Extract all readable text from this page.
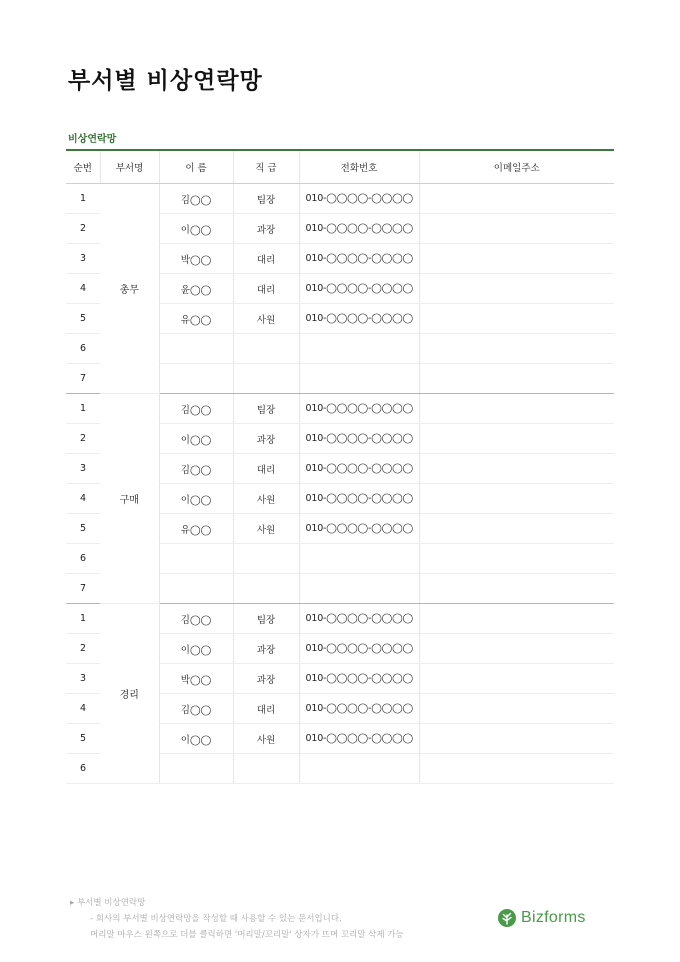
부서별 비상연락망
비상연락망
순번	부서명	이 름	직 급	전화번호	이메일주소
1	총무	김◯◯	팀장	010-◯◯◯◯-◯◯◯◯	
2		이◯◯	과장	010-◯◯◯◯-◯◯◯◯	
3		박◯◯	대리	010-◯◯◯◯-◯◯◯◯	
4		윤◯◯	대리	010-◯◯◯◯-◯◯◯◯	
5		유◯◯	사원	010-◯◯◯◯-◯◯◯◯	
6					
7					
1	구매	김◯◯	팀장	010-◯◯◯◯-◯◯◯◯	
2		이◯◯	과장	010-◯◯◯◯-◯◯◯◯	
3		김◯◯	대리	010-◯◯◯◯-◯◯◯◯	
4		이◯◯	사원	010-◯◯◯◯-◯◯◯◯	
5		유◯◯	사원	010-◯◯◯◯-◯◯◯◯	
6					
7					
1	경리	김◯◯	팀장	010-◯◯◯◯-◯◯◯◯	
2		이◯◯	과장	010-◯◯◯◯-◯◯◯◯	
3		박◯◯	과장	010-◯◯◯◯-◯◯◯◯	
4		김◯◯	대리	010-◯◯◯◯-◯◯◯◯	
5		이◯◯	사원	010-◯◯◯◯-◯◯◯◯	
6					
▸ 부서별 비상연락망
- 회사의 부서별 비상연락망을 작성할 때 사용할 수 있는 문서입니다.
머리말 마우스 왼쪽으로 더블 클릭하면 '머리말/꼬리말' 상자가 뜨며 꼬리말 삭제 가능
Bizforms
